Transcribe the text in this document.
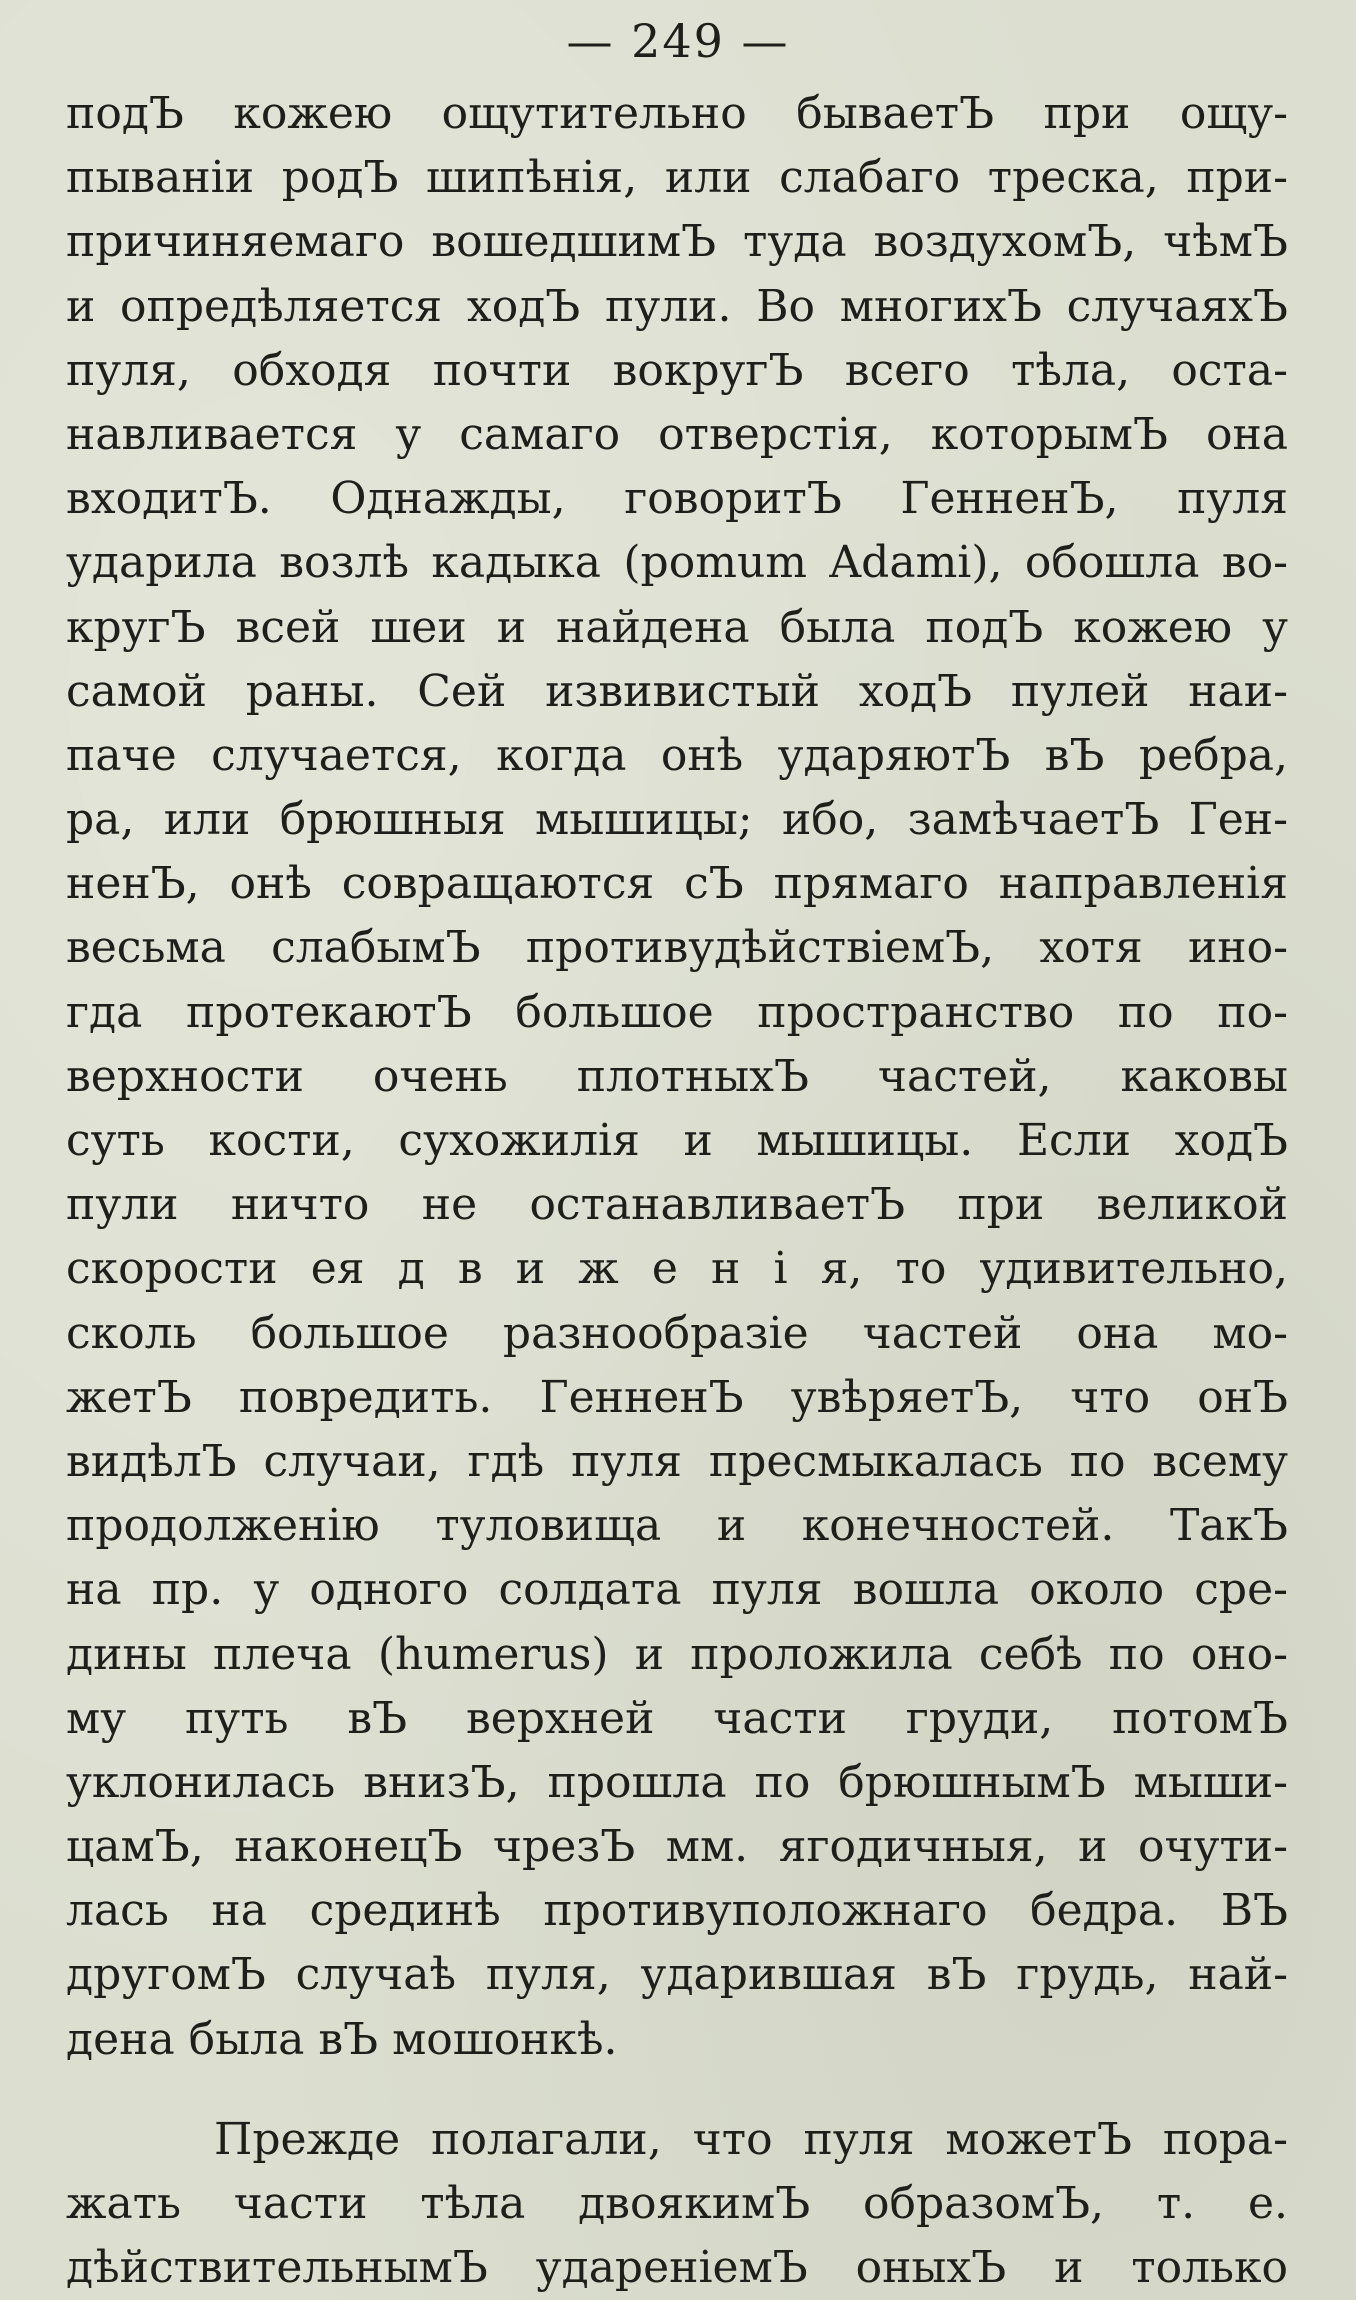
— 249 —
подЪ кожею ощутительно бываетЪ при ощу-
пываніи родЪ шипѣнія, или слабаго треска, при-
причиняемаго вошедшимЪ туда воздухомЪ, чѣмЪ
и опредѣляется ходЪ пули. Во многихЪ случаяхЪ
пуля, обходя почти вокругЪ всего тѣла, оста-
навливается у самаго отверстія, которымЪ она
входитЪ. Однажды, говоритЪ ГенненЪ, пуля
ударила возлѣ кадыка (pomum Adami), обошла во-
кругЪ всей шеи и найдена была подЪ кожею у
самой раны. Сей извивистый ходЪ пулей наи-
паче случается, когда онѣ ударяютЪ вЪ ребра,
ра, или брюшныя мышицы; ибо, замѣчаетЪ Ген-
ненЪ, онѣ совращаются сЪ прямаго направленія
весьма слабымЪ противудѣйствіемЪ, хотя ино-
гда протекаютЪ большое пространство по по-
верхности очень плотныхЪ частей, каковы
суть кости, сухожилія и мышицы. Если ходЪ
пули ничто не останавливаетЪ при великой
скорости ея д в и ж е н і я, то удивительно,
сколь большое разнообразіе частей она мо-
жетЪ повредить. ГенненЪ увѣряетЪ, что онЪ
видѣлЪ случаи, гдѣ пуля пресмыкалась по всему
продолженію туловища и конечностей. ТакЪ
на пр. у одного солдата пуля вошла около сре-
дины плеча (humerus) и проложила себѣ по оно-
му путь вЪ верхней части груди, потомЪ
уклонилась внизЪ, прошла по брюшнымЪ мыши-
цамЪ, наконецЪ чрезЪ мм. ягодичныя, и очути-
лась на срединѣ противуположнаго бедра. ВЪ
другомЪ случаѣ пуля, ударившая вЪ грудь, най-
дена была вЪ мошонкѣ.
Прежде полагали, что пуля можетЪ пора-
жать части тѣла двоякимЪ образомЪ, т. е.
дѣйствительнымЪ удареніемЪ оныхЪ и только
